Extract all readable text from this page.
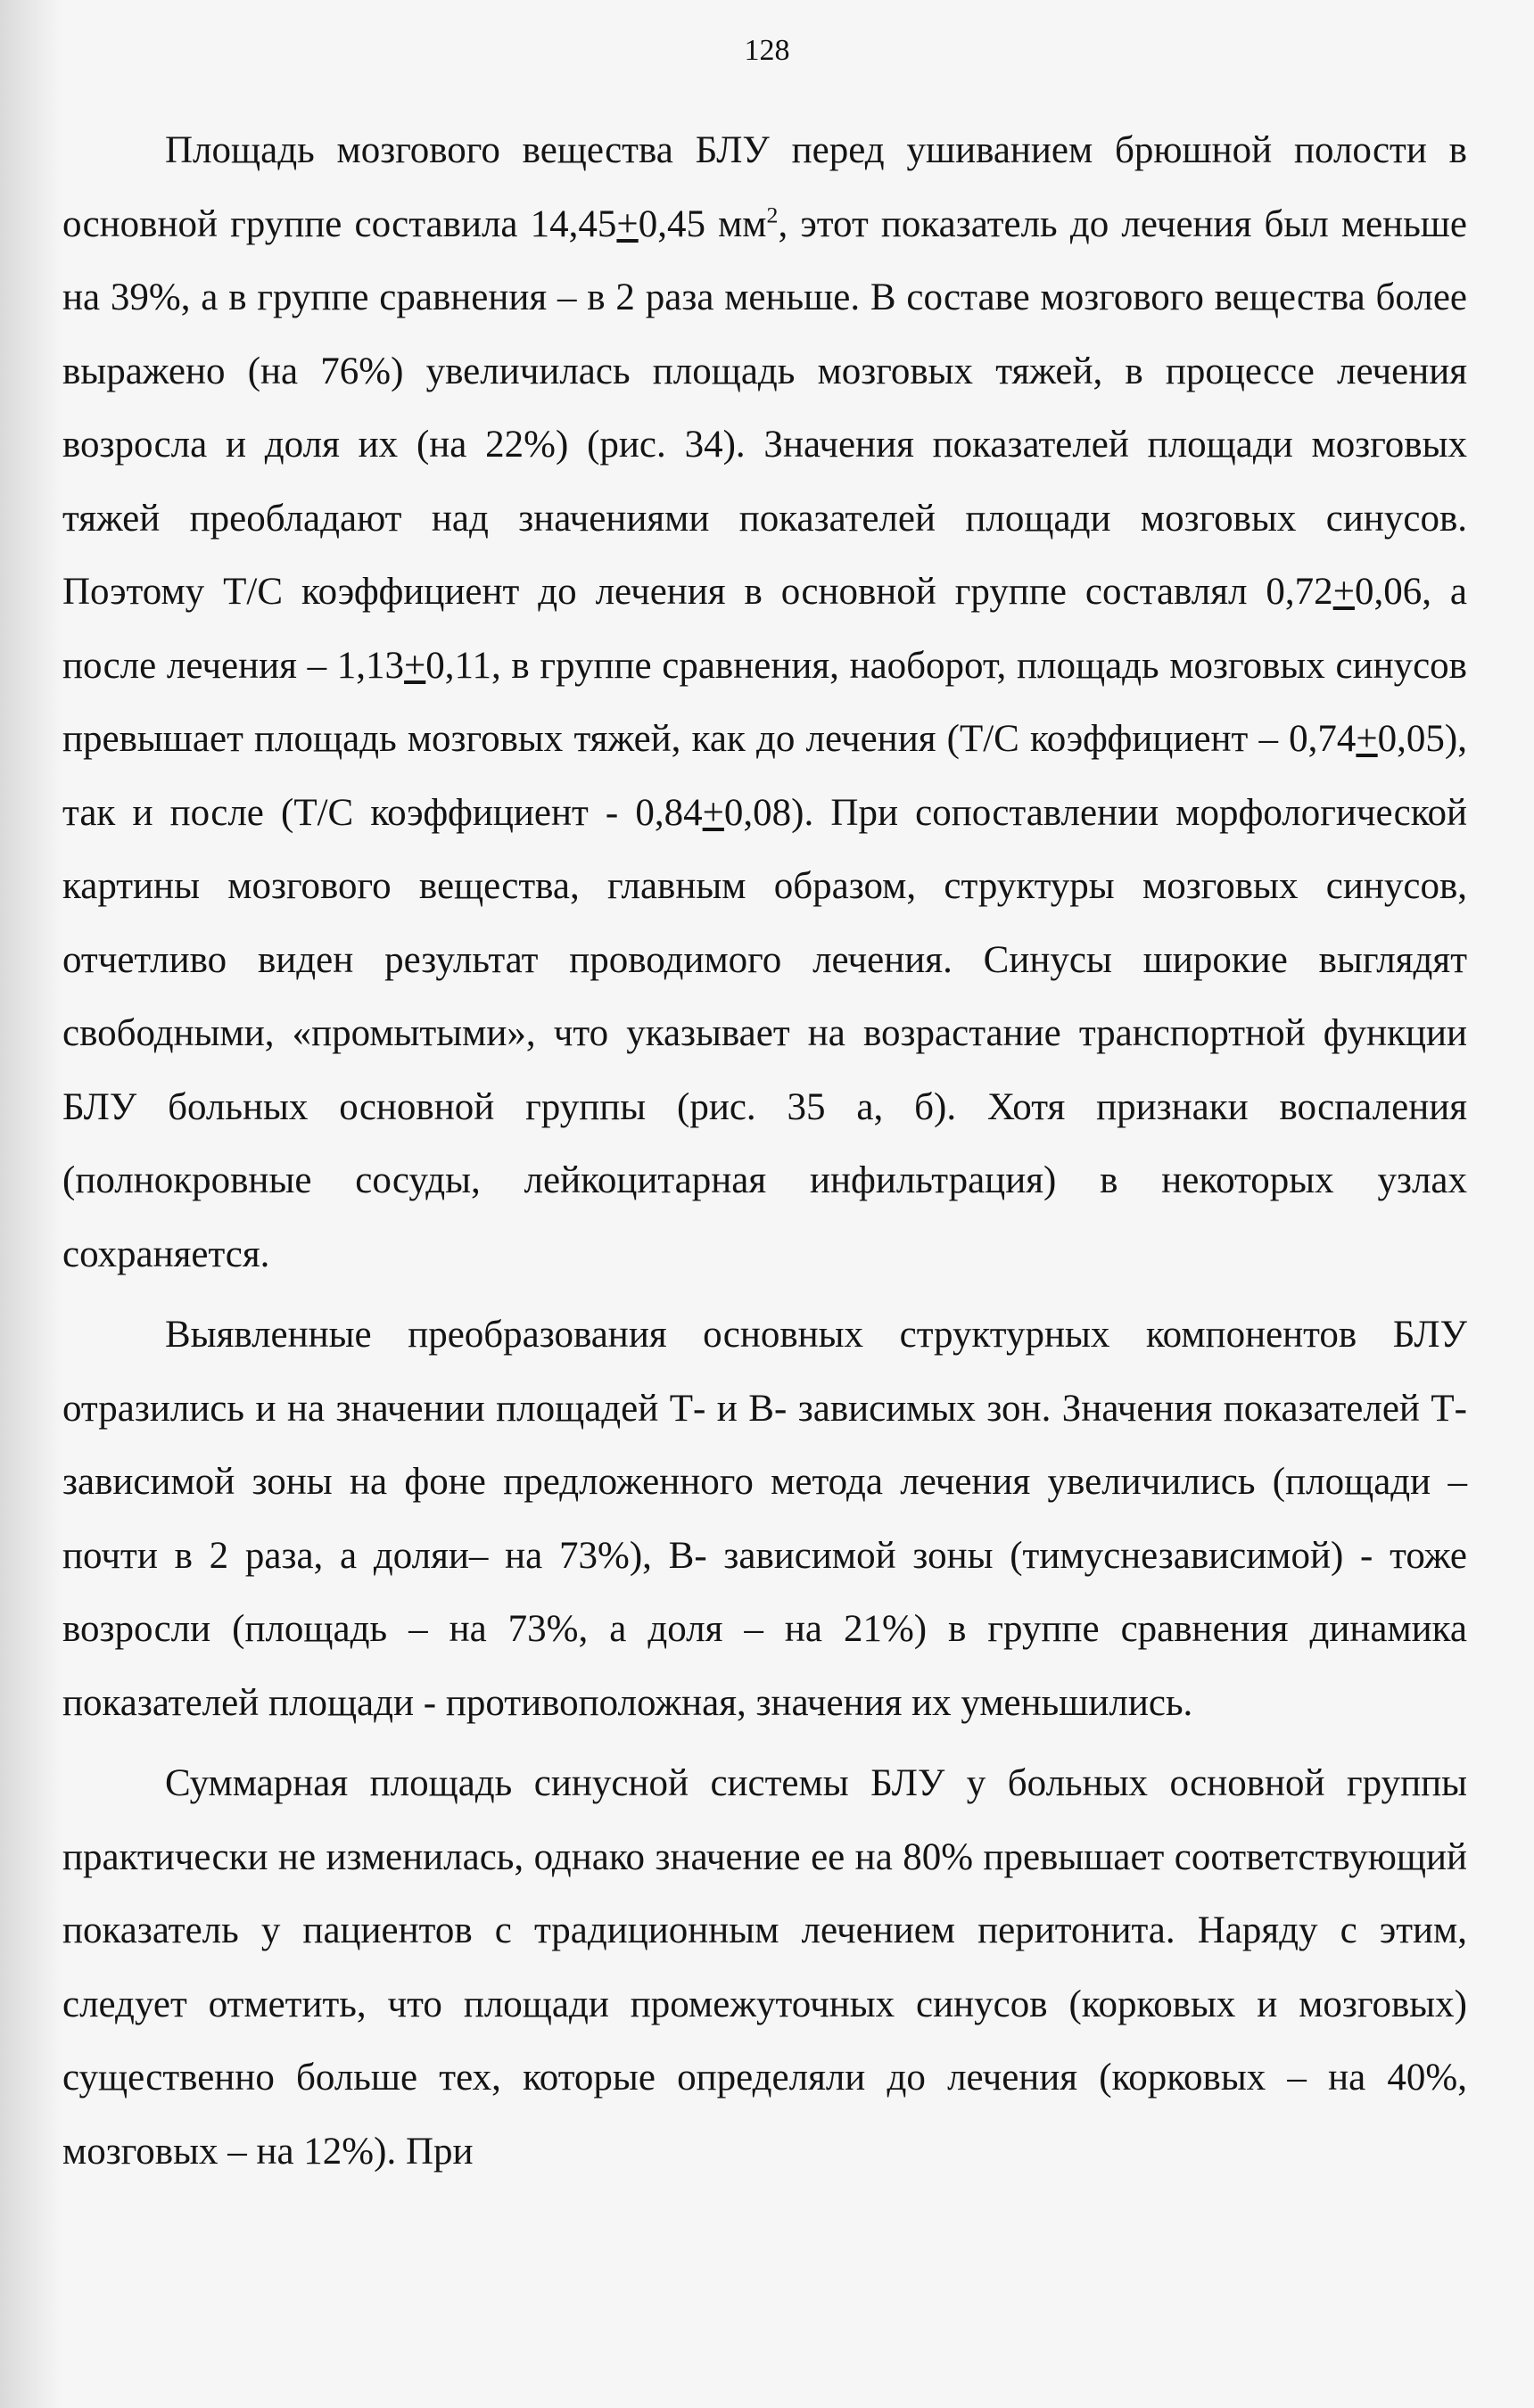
128

Площадь мозгового вещества БЛУ перед ушиванием брюшной полости в основной группе составила 14,45+0,45 $мм^2$, этот показатель до лечения был меньше на 39%, а в группе сравнения – в 2 раза меньше. В составе мозгового вещества более выражено (на 76%) увеличилась площадь мозговых тяжей, в процессе лечения возросла и доля их (на 22%) (рис. 34). Значения показателей площади мозговых тяжей преобладают над значениями показателей площади мозговых синусов. Поэтому Т/С коэффициент до лечения в основной группе составлял 0,72+0,06, а после лечения – 1,13+0,11, в группе сравнения, наоборот, площадь мозговых синусов превышает площадь мозговых тяжей, как до лечения (Т/С коэффициент – 0,74+0,05), так и после (Т/С коэффициент - 0,84+0,08). При сопоставлении морфологической картины мозгового вещества, главным образом, структуры мозговых синусов, отчетливо виден результат проводимого лечения. Синусы широкие выглядят свободными, «промытыми», что указывает на возрастание транспортной функции БЛУ больных основной группы (рис. 35 а, б). Хотя признаки воспаления (полнокровные сосуды, лейкоцитарная инфильтрация) в некоторых узлах сохраняется.

Выявленные преобразования основных структурных компонентов БЛУ отразились и на значении площадей Т- и В- зависимых зон. Значения показателей Т- зависимой зоны на фоне предложенного метода лечения увеличились (площади – почти в 2 раза, а доляи– на 73%), В- зависимой зоны (тимуснезависимой) - тоже возросли (площадь – на 73%, а доля – на 21%) в группе сравнения динамика показателей площади - противоположная, значения их уменьшились.

Суммарная площадь синусной системы БЛУ у больных основной группы практически не изменилась, однако значение ее на 80% превышает соответствующий показатель у пациентов с традиционным лечением перитонита. Наряду с этим, следует отметить, что площади промежуточных синусов (корковых и мозговых) существенно больше тех, которые определяли до лечения (корковых – на 40%, мозговых – на 12%). При
